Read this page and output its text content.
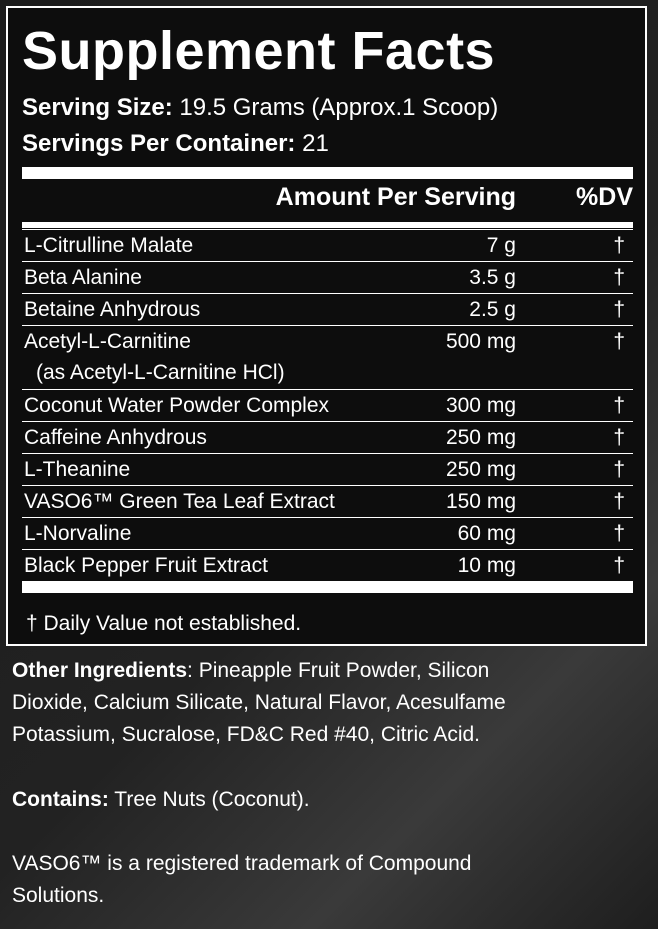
Supplement Facts
Serving Size: 19.5 Grams (Approx.1 Scoop)
Servings Per Container: 21
Amount Per Serving %DV
L-Citrulline Malate	7 g	†
Beta Alanine	3.5 g	†
Betaine Anhydrous	2.5 g	†
Acetyl-L-Carnitine
(as Acetyl-L-Carnitine HCl)
500 mg	†
Coconut Water Powder Complex	300 mg	†
Caffeine Anhydrous	250 mg	†
L-Theanine	250 mg	†
VASO6™ Green Tea Leaf Extract	150 mg	†
L-Norvaline	60 mg	†
Black Pepper Fruit Extract	10 mg	†
† Daily Value not established.
Other Ingredients: Pineapple Fruit Powder, Silicon
Dioxide, Calcium Silicate, Natural Flavor, Acesulfame
Potassium, Sucralose, FD&C Red #40, Citric Acid.
Contains: Tree Nuts (Coconut).
VASO6™ is a registered trademark of Compound
Solutions.
